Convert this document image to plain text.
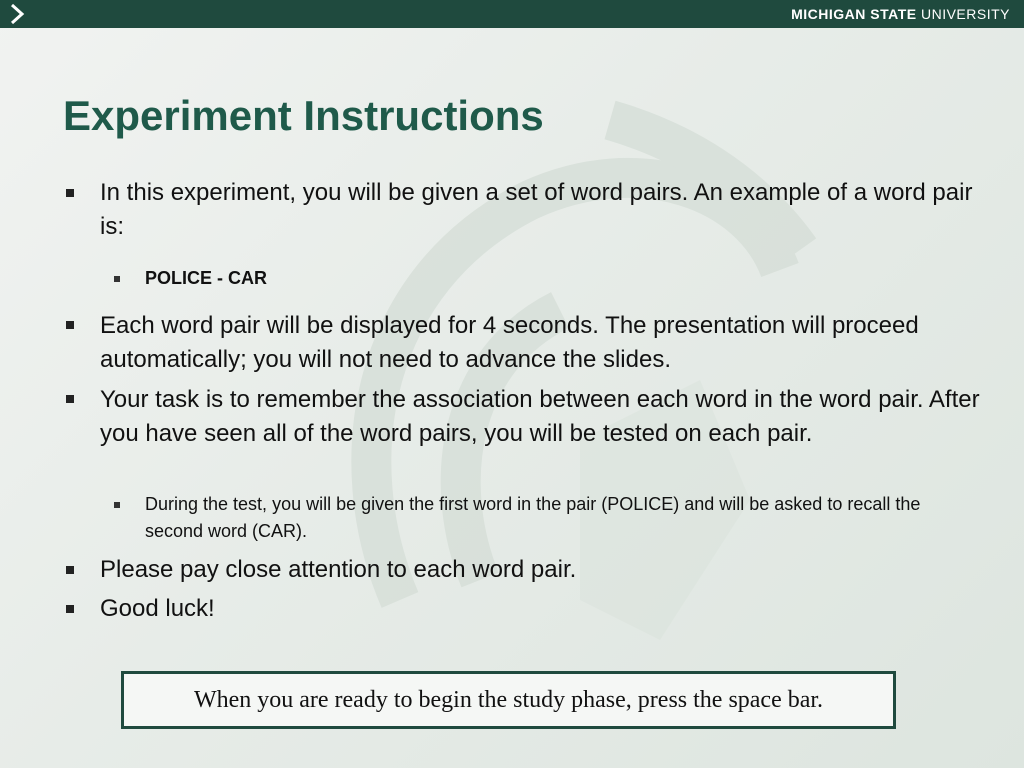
MICHIGAN STATE UNIVERSITY
Experiment Instructions
In this experiment, you will be given a set of word pairs. An example of a word pair is:
POLICE - CAR
Each word pair will be displayed for 4 seconds. The presentation will proceed automatically; you will not need to advance the slides.
Your task is to remember the association between each word in the word pair. After you have seen all of the word pairs, you will be tested on each pair.
During the test, you will be given the first word in the pair (POLICE) and will be asked to recall the second word (CAR).
Please pay close attention to each word pair.
Good luck!
When you are ready to begin the study phase, press the space bar.
